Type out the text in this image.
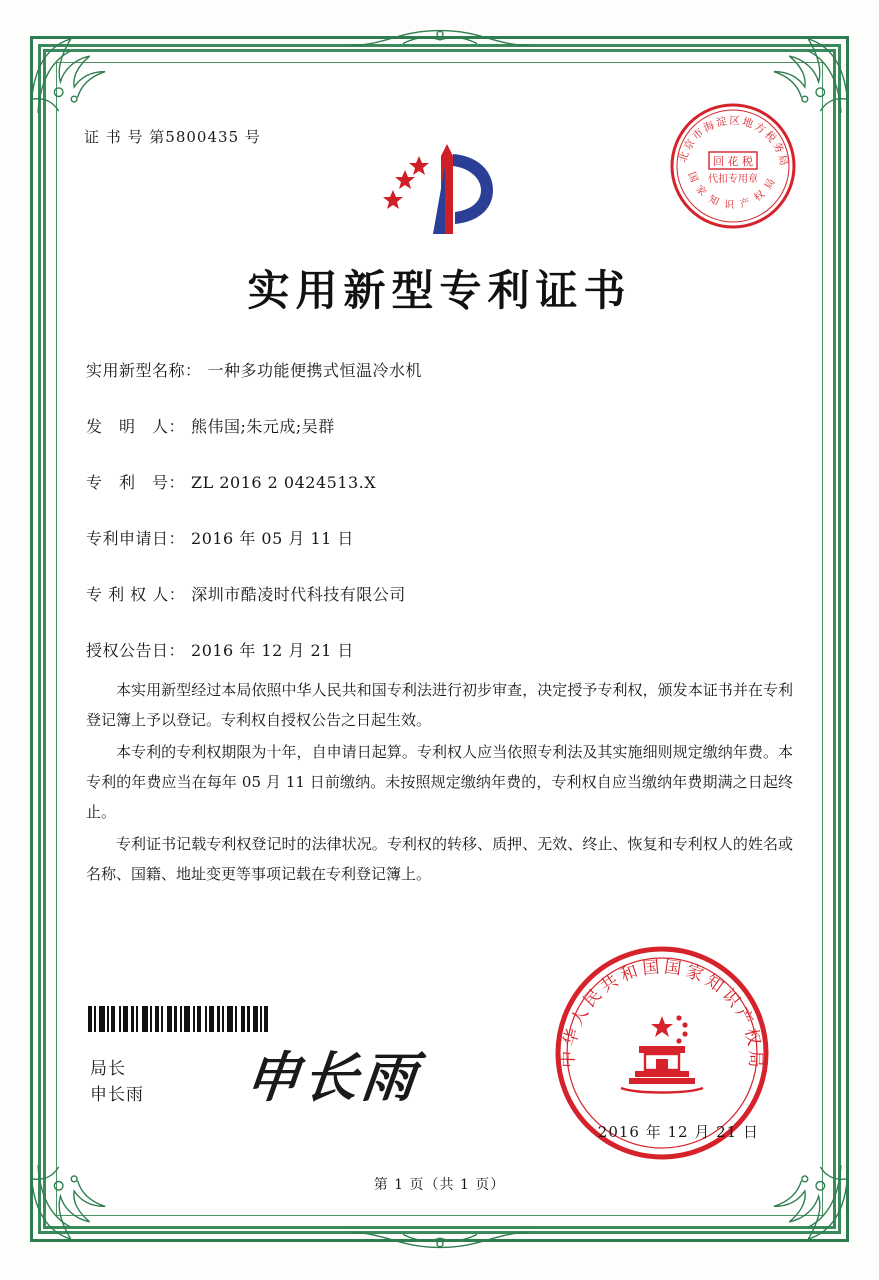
证 书 号 第5800435 号
北京市海淀区地方税务局
国 家 知 识 产 权 局
回 花 税
代扣专用章
实用新型专利证书
实用新型名称： 一种多功能便携式恒温冷水机
发　明　人： 熊伟国;朱元成;吴群
专　利　号： ZL 2016 2 0424513.X
专利申请日： 2016 年 05 月 11 日
专 利 权 人： 深圳市酷凌时代科技有限公司
授权公告日： 2016 年 12 月 21 日

本实用新型经过本局依照中华人民共和国专利法进行初步审查，决定授予专利权，颁发本证书并在专利登记簿上予以登记。专利权自授权公告之日起生效。

本专利的专利权期限为十年，自申请日起算。专利权人应当依照专利法及其实施细则规定缴纳年费。本专利的年费应当在每年 05 月 11 日前缴纳。未按照规定缴纳年费的，专利权自应当缴纳年费期满之日起终止。

专利证书记载专利权登记时的法律状况。专利权的转移、质押、无效、终止、恢复和专利权人的姓名或名称、国籍、地址变更等事项记载在专利登记簿上。

局长
申长雨 申长雨	中华人民共和国国家知识产权局
2016 年 12 月 21 日
第 1 页（共 1 页）
